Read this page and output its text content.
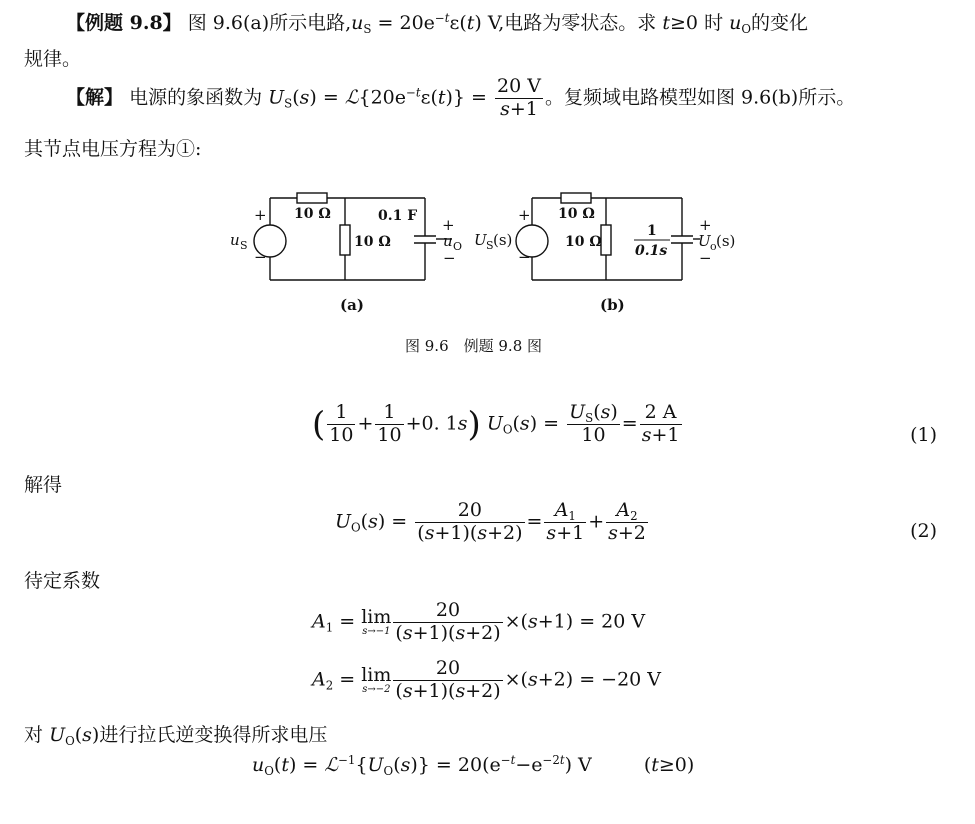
【例题 9.8】 图 9.6(a)所示电路$,u_S = 20e^{-t}\varepsilon(t)$ V,电路为零状态。求 t≥0 时 $u_O$的变化
规律。
【解】 电源的象函数为 $U_S(s)$ = $ℒ\{20e^{-t}\varepsilon(t)\} = \frac{20 V}{s+1}$ 。复频域电路模型如图 9.6(b)所示。
其节点电压方程为①:
+
−
u S
10 Ω
10 Ω
0.1 F +
u O
−
(a)
+
−
U S (s)
10 Ω
10 Ω
1
0.1s
+
U o (s)
−
(b)
图 9.6　例题 9.8 图
( $\frac{1}{10} + \frac{1}{10} +0$. 1s) $U_O(s) = \frac{U_S(s)}{10} = \frac{2 A}{s+1}$	(1)
解得
$U_O(s) = \frac{20}{(s+1)(s+2)} = \frac{A_1}{s+1} + \frac{A_2}{s+2}$	(2)
待定系数
$A_1 = \lim$
$s\to-1 \frac{20}{(s+1)(s+2)} \times(s+1) = 20$ V
$A_2 = \lim$
$s\to-2 \frac{20}{(s+1)(s+2)} \times(s+2) = -20$ V
对 $U_O(s)$进行拉氏逆变换得所求电压
$u_O(t)$ = $ℒ^{-1}\{U_O(s)\} = 20(e^{-t}-e^{-2t})$ V (t≥0)
